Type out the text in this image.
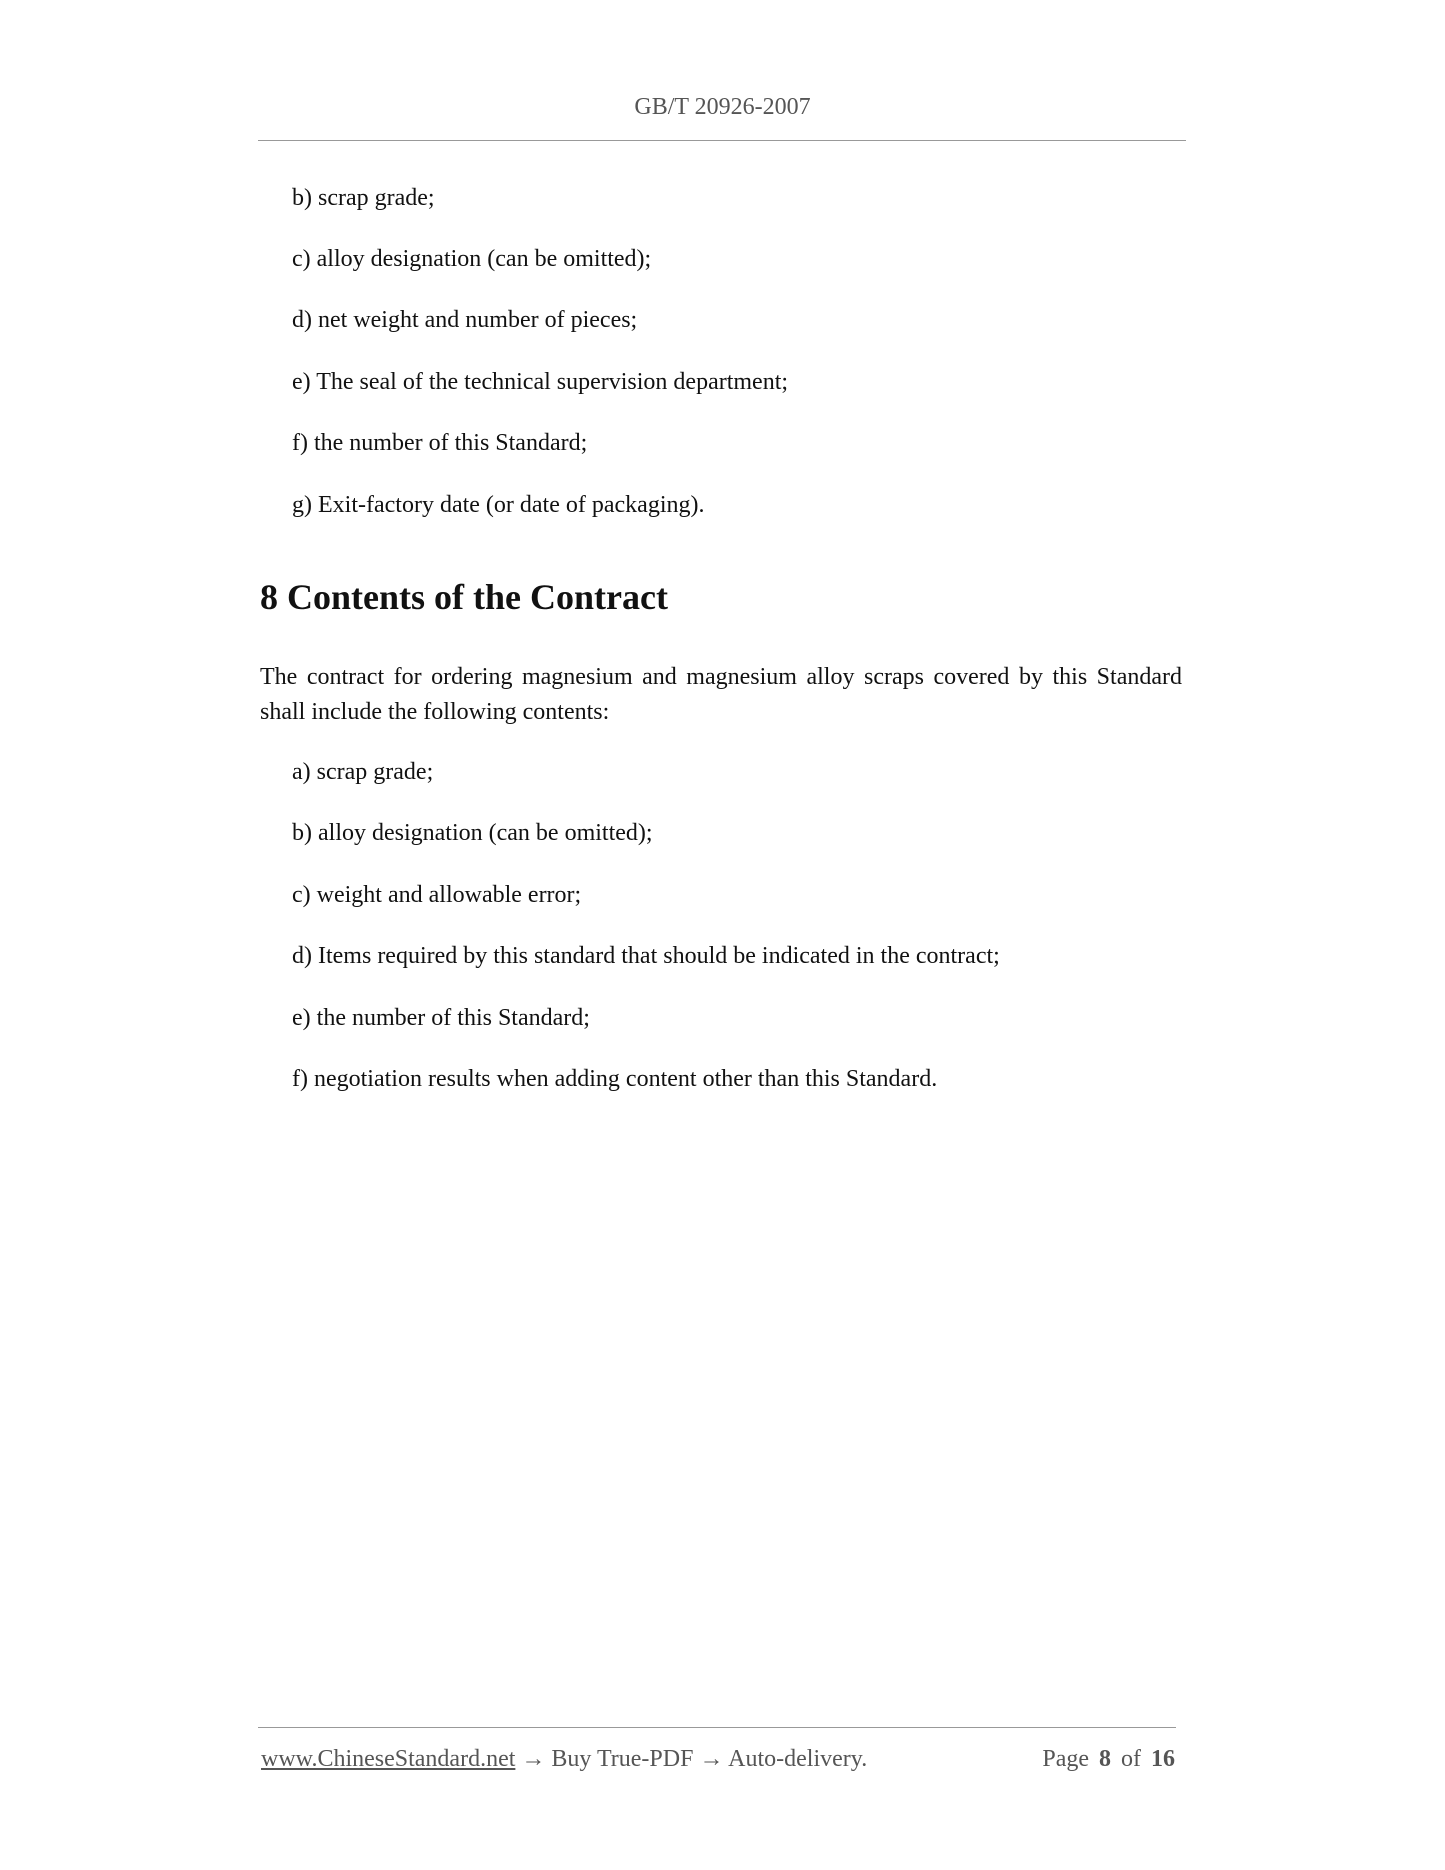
GB/T 20926-2007
b) scrap grade;
c) alloy designation (can be omitted);
d) net weight and number of pieces;
e) The seal of the technical supervision department;
f) the number of this Standard;
g) Exit-factory date (or date of packaging).
8 Contents of the Contract
The contract for ordering magnesium and magnesium alloy scraps covered by this Standard shall include the following contents:
a) scrap grade;
b) alloy designation (can be omitted);
c) weight and allowable error;
d) Items required by this standard that should be indicated in the contract;
e) the number of this Standard;
f) negotiation results when adding content other than this Standard.
www.ChineseStandard.net → Buy True-PDF → Auto-delivery.	Page 8 of 16
